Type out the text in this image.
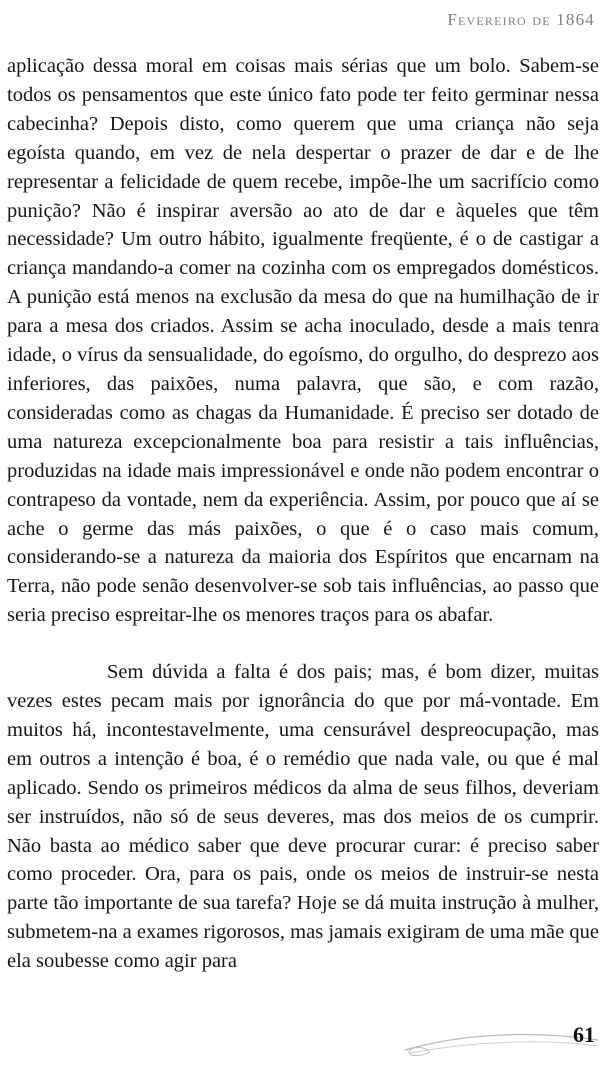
Fevereiro de 1864

aplicação dessa moral em coisas mais sérias que um bolo. Sabem-se todos os pensamentos que este único fato pode ter feito germinar nessa cabecinha? Depois disto, como querem que uma criança não seja egoísta quando, em vez de nela despertar o prazer de dar e de lhe representar a felicidade de quem recebe, impõe-lhe um sacrifício como punição? Não é inspirar aversão ao ato de dar e àqueles que têm necessidade? Um outro hábito, igualmente freqüente, é o de castigar a criança mandando-a comer na cozinha com os empregados domésticos. A punição está menos na exclusão da mesa do que na humilhação de ir para a mesa dos criados. Assim se acha inoculado, desde a mais tenra idade, o vírus da sensualidade, do egoísmo, do orgulho, do desprezo aos inferiores, das paixões, numa palavra, que são, e com razão, consideradas como as chagas da Humanidade. É preciso ser dotado de uma natureza excepcionalmente boa para resistir a tais influências, produzidas na idade mais impressionável e onde não podem encontrar o contrapeso da vontade, nem da experiência. Assim, por pouco que aí se ache o germe das más paixões, o que é o caso mais comum, considerando-se a natureza da maioria dos Espíritos que encarnam na Terra, não pode senão desenvolver-se sob tais influências, ao passo que seria preciso espreitar-lhe os menores traços para os abafar.

Sem dúvida a falta é dos pais; mas, é bom dizer, muitas vezes estes pecam mais por ignorância do que por má-vontade. Em muitos há, incontestavelmente, uma censurável despreocupação, mas em outros a intenção é boa, é o remédio que nada vale, ou que é mal aplicado. Sendo os primeiros médicos da alma de seus filhos, deveriam ser instruídos, não só de seus deveres, mas dos meios de os cumprir. Não basta ao médico saber que deve procurar curar: é preciso saber como proceder. Ora, para os pais, onde os meios de instruir-se nesta parte tão importante de sua tarefa? Hoje se dá muita instrução à mulher, submetem-na a exames rigorosos, mas jamais exigiram de uma mãe que ela soubesse como agir para

61
